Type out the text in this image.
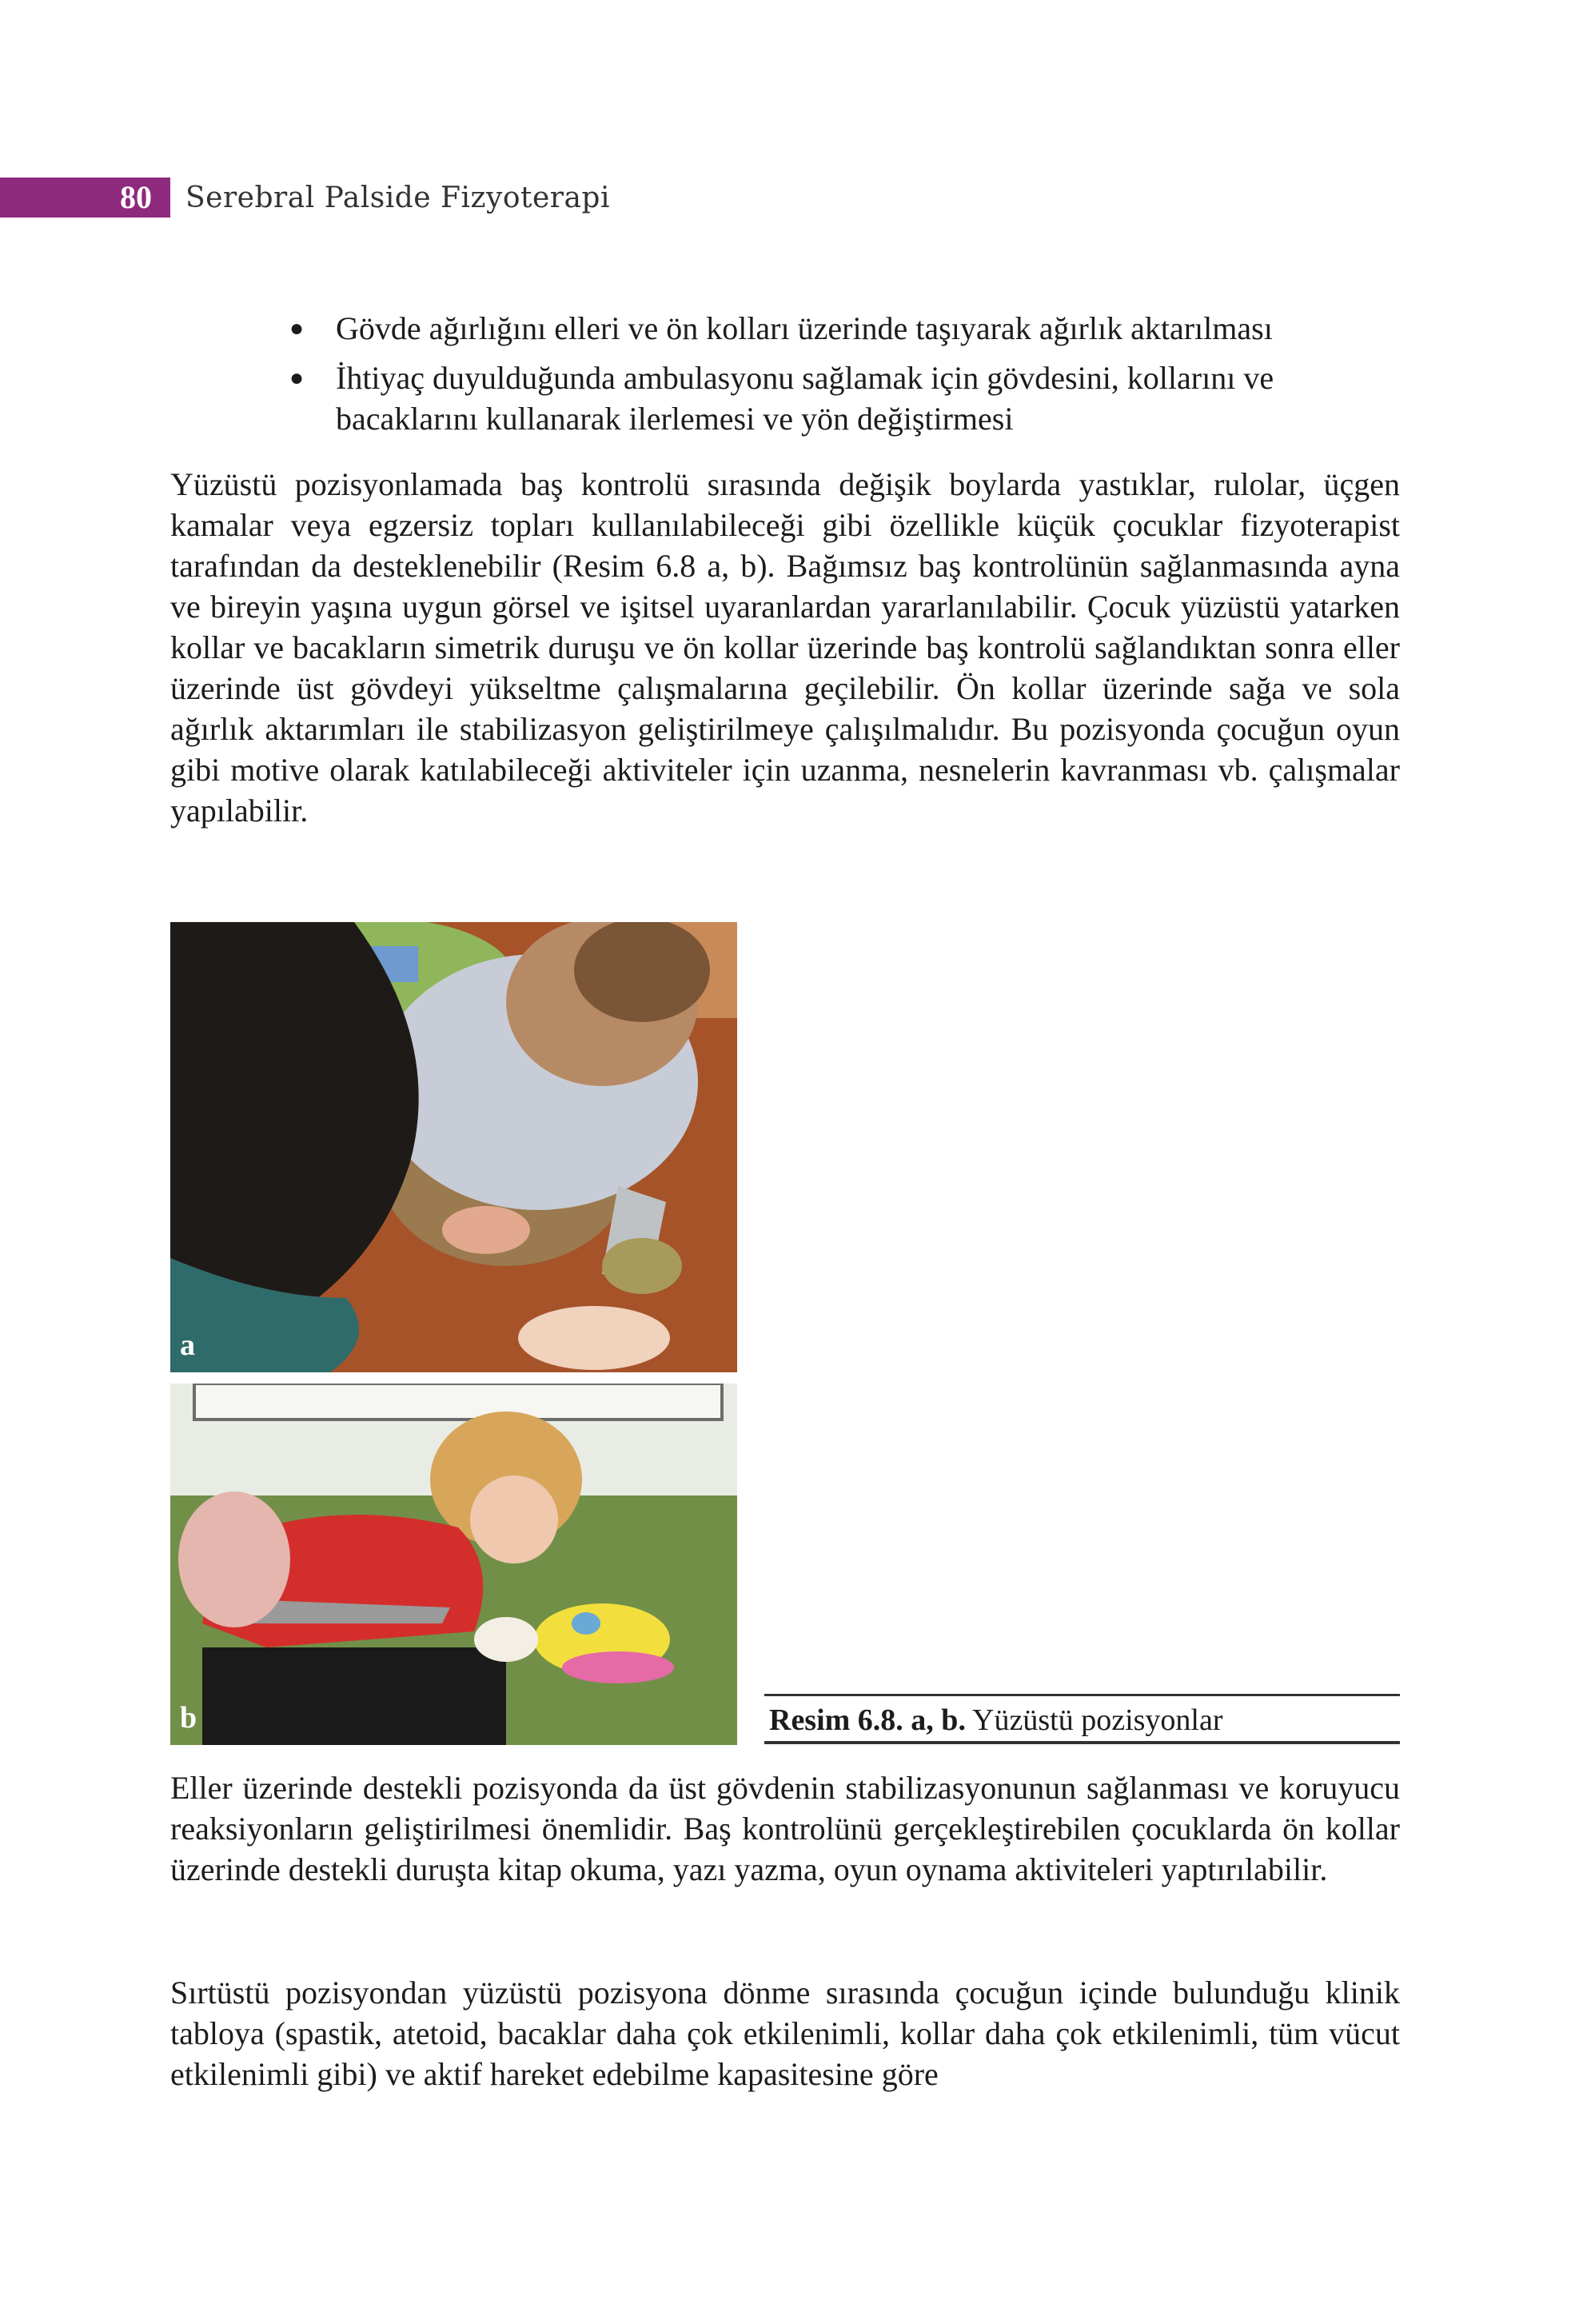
80 Serebral Palside Fizyoterapi
● Gövde ağırlığını elleri ve ön kolları üzerinde taşıyarak ağırlık aktarılması
● İhtiyaç duyulduğunda ambulasyonu sağlamak için gövdesini, kollarını ve bacaklarını kullanarak ilerlemesi ve yön değiştirmesi

Yüzüstü pozisyonlamada baş kontrolü sırasında değişik boylarda yastıklar, rulolar, üçgen kamalar veya egzersiz topları kullanılabileceği gibi özellikle küçük çocuklar fizyoterapist tarafından da desteklenebilir (Resim 6.8 a, b). Bağımsız baş kontrolünün sağlanmasında ayna ve bireyin yaşına uygun görsel ve işitsel uyaranlardan yararlanılabilir. Çocuk yüzüstü yatarken kollar ve bacakların simetrik duruşu ve ön kollar üzerinde baş kontrolü sağlandıktan sonra eller üzerinde üst gövdeyi yükseltme çalışmalarına geçilebilir. Ön kollar üzerinde sağa ve sola ağırlık aktarımları ile stabilizasyon geliştirilmeye çalışılmalıdır. Bu pozisyonda çocuğun oyun gibi motive olarak katılabileceği aktiviteler için uzanma, nesnelerin kavranması vb. çalışmalar yapılabilir.

a
b	Resim 6.8. a, b. Yüzüstü pozisyonlar

Eller üzerinde destekli pozisyonda da üst gövdenin stabilizasyonunun sağlanması ve koruyucu reaksiyonların geliştirilmesi önemlidir. Baş kontrolünü gerçekleştirebilen çocuklarda ön kollar üzerinde destekli duruşta kitap okuma, yazı yazma, oyun oynama aktiviteleri yaptırılabilir.

Sırtüstü pozisyondan yüzüstü pozisyona dönme sırasında çocuğun içinde bulunduğu klinik tabloya (spastik, atetoid, bacaklar daha çok etkilenimli, kollar daha çok etkilenimli, tüm vücut etkilenimli gibi) ve aktif hareket edebilme kapasitesine göre
